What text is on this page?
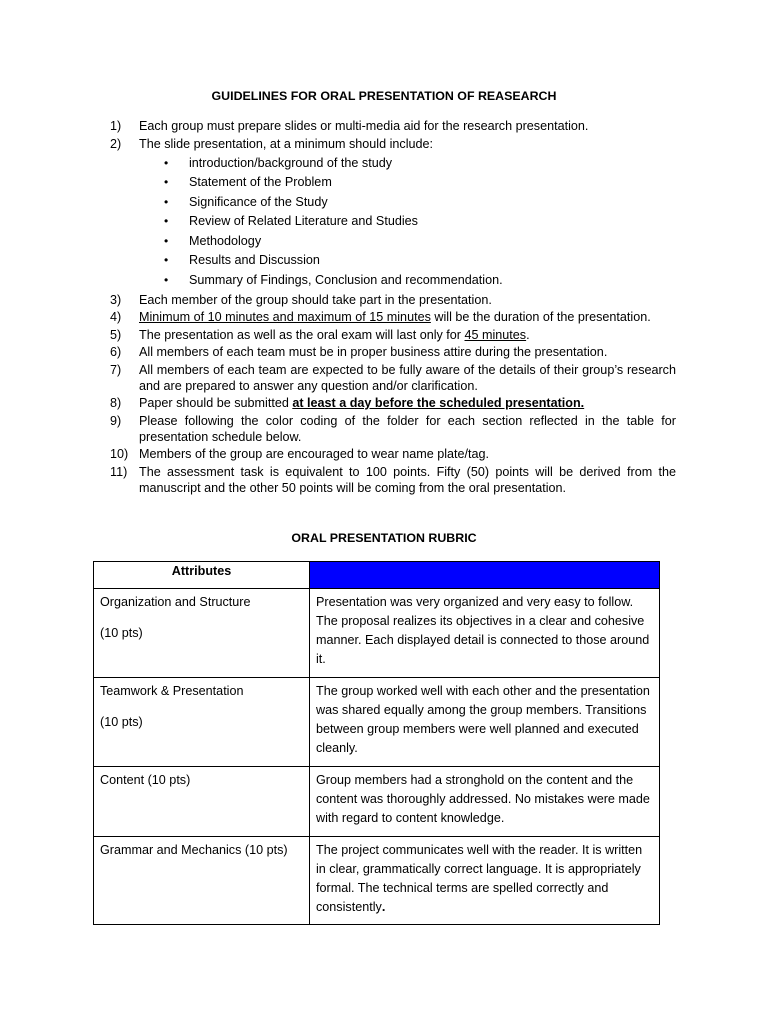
GUIDELINES FOR ORAL PRESENTATION OF REASEARCH
1)	Each group must prepare slides or multi-media aid for the research presentation.
2)	The slide presentation, at a minimum should include:
• introduction/background of the study
• Statement of the Problem
• Significance of the Study
• Review of Related Literature and Studies
• Methodology
• Results and Discussion
• Summary of Findings, Conclusion and recommendation.
3)	Each member of the group should take part in the presentation.
4)	Minimum of 10 minutes and maximum of 15 minutes will be the duration of the presentation.
5)	The presentation as well as the oral exam will last only for 45 minutes.
6)	All members of each team must be in proper business attire during the presentation.
7)	All members of each team are expected to be fully aware of the details of their group’s research and are prepared to answer any question and/or clarification.
8)	Paper should be submitted at least a day before the scheduled presentation.
9)	Please following the color coding of the folder for each section reflected in the table for presentation schedule below.
10) Members of the group are encouraged to wear name plate/tag.
11) The assessment task is equivalent to 100 points. Fifty (50) points will be derived from the manuscript and the other 50 points will be coming from the oral presentation.
ORAL PRESENTATION RUBRIC
Attributes	
Organization and Structure
(10 pts)	Presentation was very organized and very easy to follow. The proposal realizes its objectives in a clear and cohesive manner. Each displayed detail is connected to those around it.
Teamwork & Presentation
(10 pts)	The group worked well with each other and the presentation was shared equally among the group members. Transitions between group members were well planned and executed cleanly.
Content (10 pts)	Group members had a stronghold on the content and the content was thoroughly addressed. No mistakes were made with regard to content knowledge.
Grammar and Mechanics (10 pts)	The project communicates well with the reader. It is written in clear, grammatically correct language. It is appropriately formal. The technical terms are spelled correctly and consistently.
